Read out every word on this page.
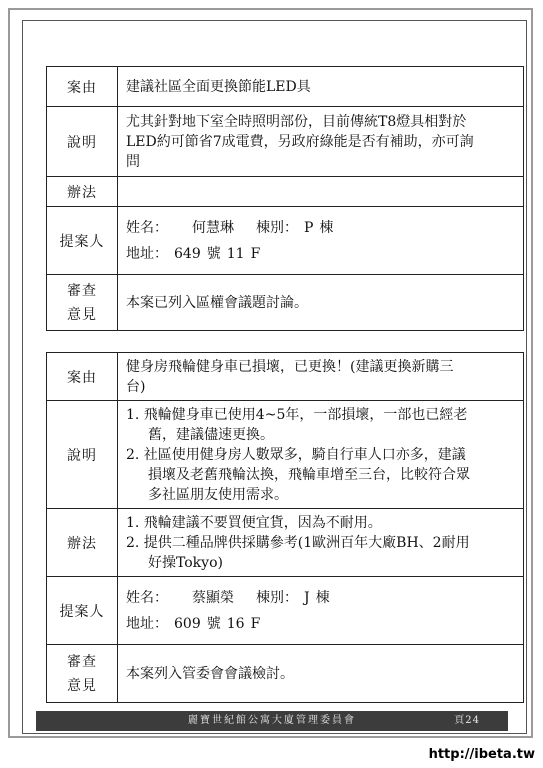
案由	建議社區全面更換節能LED具
說明	尤其針對地下室全時照明部份，目前傳統T8燈具相對於
LED約可節省7成電費，另政府綠能是否有補助，亦可詢
問

辦法	
提案人	姓名： 何慧琳 棟別： P 棟
地址： 649 號 11 F

審查
意見	本案已列入區權會議題討論。
案由	健身房飛輪健身車已損壞，已更換！(建議更換新購三
台)

說明	1. 飛輪健身車已使用4~5年，一部損壞，一部也已經老
舊，建議儘速更換。
2. 社區使用健身房人數眾多，騎自行車人口亦多，建議
損壞及老舊飛輪汰換，飛輪車增至三台，比較符合眾
多社區朋友使用需求。

辦法	1. 飛輪建議不要買便宜貨，因為不耐用。
2. 提供二種品牌供採購參考(1歐洲百年大廠BH、2耐用
好操Tokyo)

提案人	姓名： 蔡顯榮 棟別： J 棟
地址： 609 號 16 F

審查
意見	本案列入管委會會議檢討。
麗寶世紀館公寓大廈管理委員會	頁24
http://ibeta.tw
